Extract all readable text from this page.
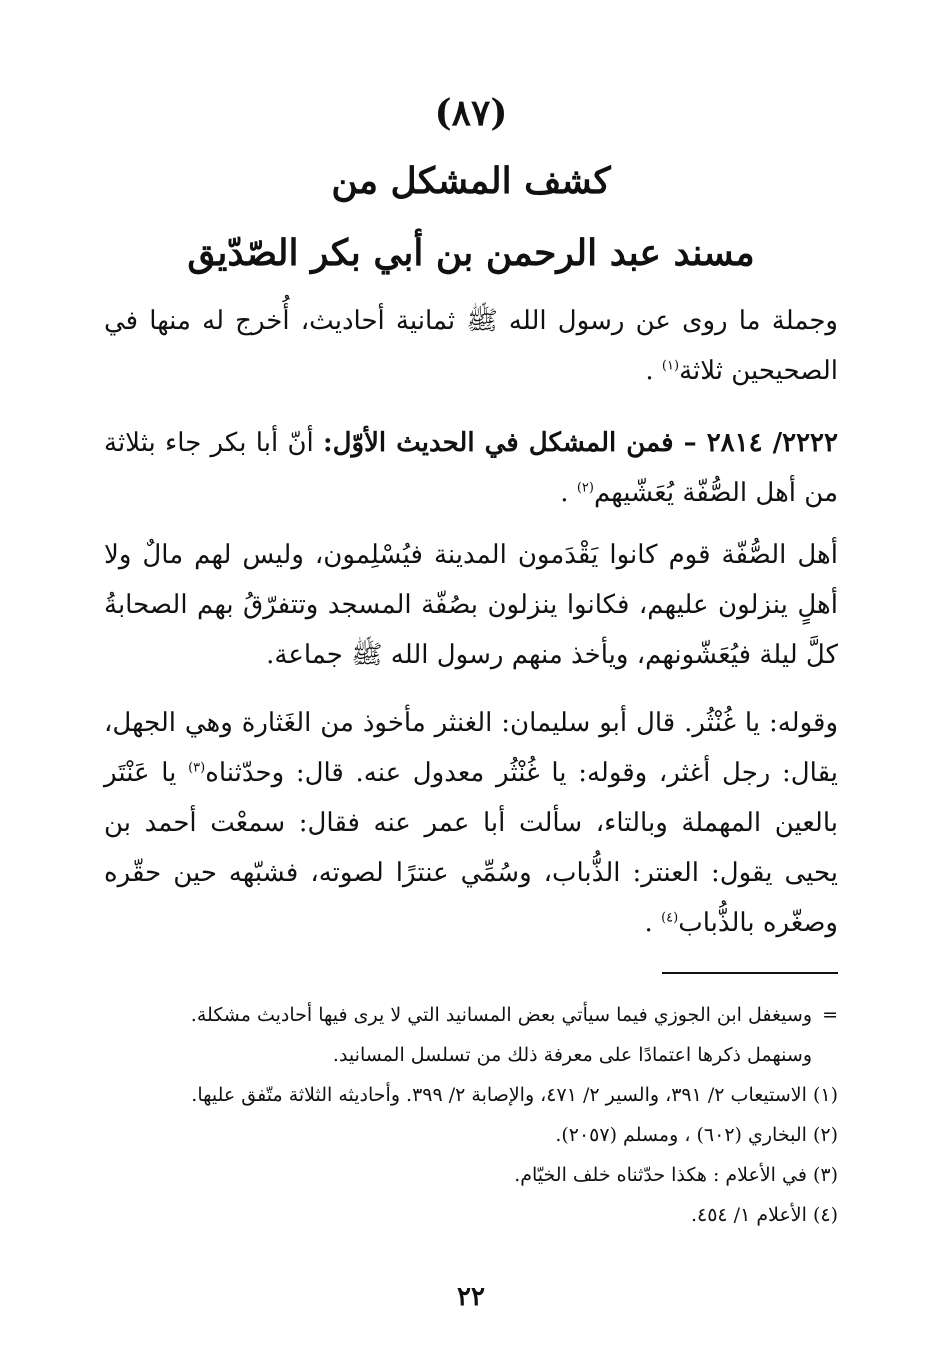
(٨٧)
كشف المشكل من
مسند عبد الرحمن بن أبي بكر الصّدّيق
وجملة ما روى عن رسول الله ﷺ ثمانية أحاديث، أُخرج له منها في الصحيحين ثلاثة$^{(١)}$ .
٢٢٢٢/ ٢٨١٤ – فمن المشكل في الحديث الأوّل: أنّ أبا بكر جاء بثلاثة من أهل الصُّفّة يُعَشّيهم$^{(٢)}$ .
أهل الصُّفّة قوم كانوا يَقْدَمون المدينة فيُسْلِمون، وليس لهم مالٌ ولا أهلٍ ينزلون عليهم، فكانوا ينزلون بصُفّة المسجد وتتفرّقُ بهم الصحابةُ كلَّ ليلة فيُعَشّونهم، ويأخذ منهم رسول الله ﷺ جماعة.
وقوله: يا غُنْثُر. قال أبو سليمان: الغنثر مأخوذ من الغَثارة وهي الجهل، يقال: رجل أغثر، وقوله: يا غُنْثُر معدول عنه. قال: وحدّثناه$^{(٣)}$ يا عَنْتَر بالعين المهملة وبالتاء، سألت أبا عمر عنه فقال: سمعْت أحمد بن يحيى يقول: العنتر: الذُّباب، وسُمِّي عنترًا لصوته، فشبّهه حين حقّره وصغّره بالذُّباب$^{(٤)}$ .

=وسيغفل ابن الجوزي فيما سيأتي بعض المسانيد التي لا يرى فيها أحاديث مشكلة.

وسنهمل ذكرها اعتمادًا على معرفة ذلك من تسلسل المسانيد.

(١) الاستيعاب ٢/ ٣٩١، والسير ٢/ ٤٧١، والإصابة ٢/ ٣٩٩. وأحاديثه الثلاثة متّفق عليها.

(٢) البخاري (٦٠٢) ، ومسلم (٢٠٥٧).

(٣) في الأعلام : هكذا حدّثناه خلف الخيّام.

(٤) الأعلام ١/ ٤٥٤.

٢٢
